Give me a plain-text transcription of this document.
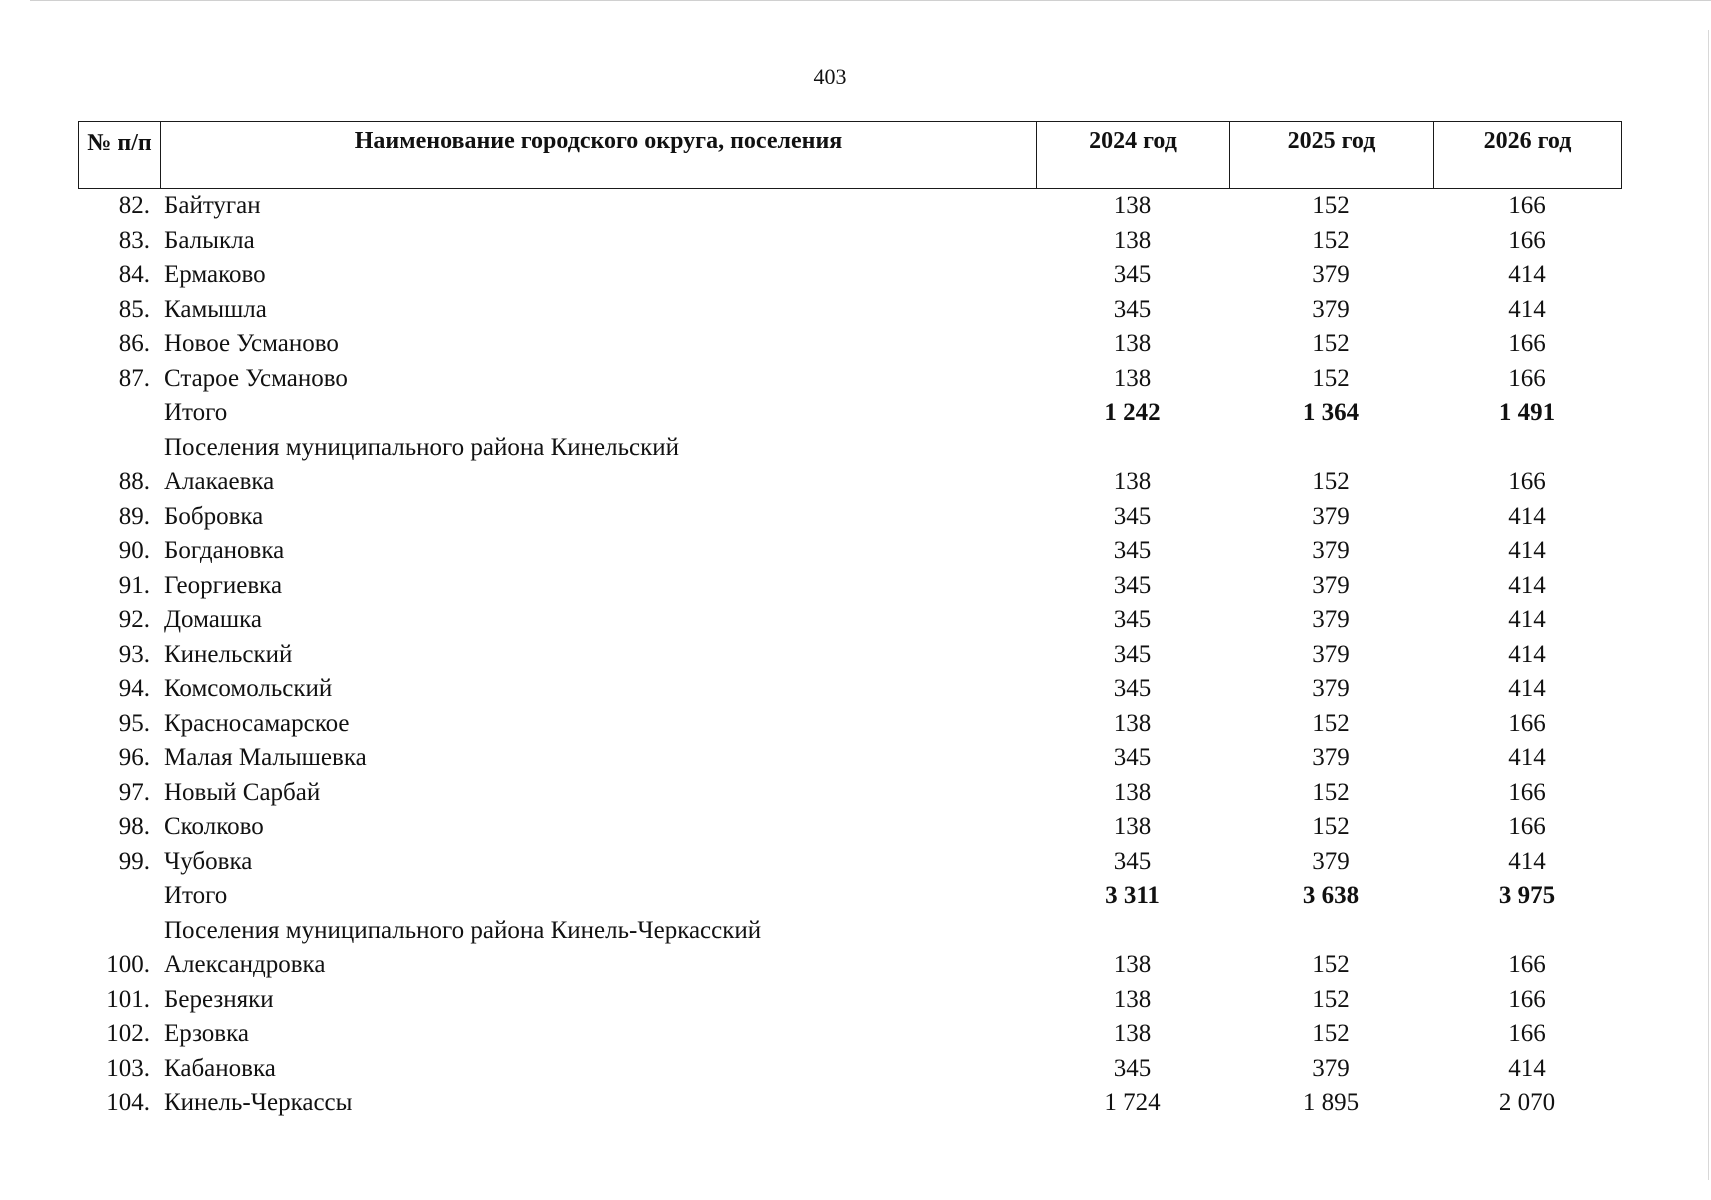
403
№ п/п	Наименование городского округа, поселения	2024 год	2025 год	2026 год
82. Байтуган	138	152	166
83. Балыкла	138	152	166
84. Ермаково	345	379	414
85. Камышла	345	379	414
86. Новое Усманово	138	152	166
87. Старое Усманово	138	152	166
Итого	1 242	1 364	1 491
Поселения муниципального района Кинельский
88. Алакаевка	138	152	166
89. Бобровка	345	379	414
90. Богдановка	345	379	414
91. Георгиевка	345	379	414
92. Домашка	345	379	414
93. Кинельский	345	379	414
94. Комсомольский	345	379	414
95. Красносамарское	138	152	166
96. Малая Малышевка	345	379	414
97. Новый Сарбай	138	152	166
98. Сколково	138	152	166
99. Чубовка	345	379	414
Итого	3 311	3 638	3 975
Поселения муниципального района Кинель-Черкасский
100. Александровка	138	152	166
101. Березняки	138	152	166
102. Ерзовка	138	152	166
103. Кабановка	345	379	414
104. Кинель-Черкассы	1 724	1 895	2 070
